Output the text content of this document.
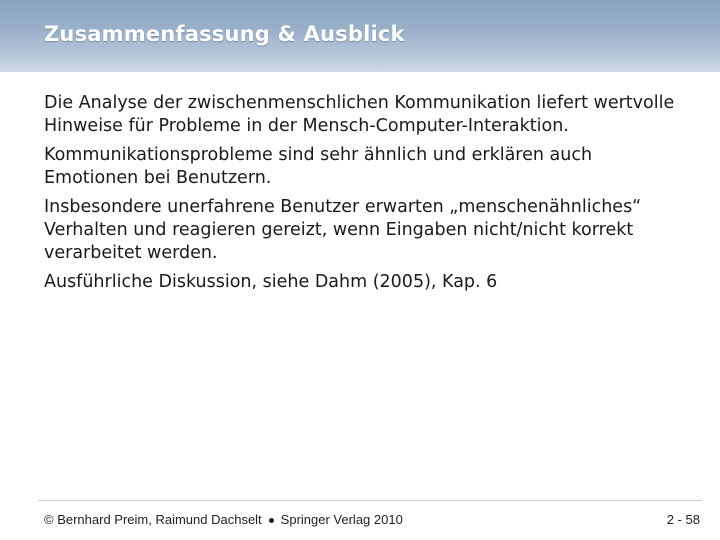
Zusammenfassung & Ausblick

Die Analyse der zwischenmenschlichen Kommunikation liefert wertvolle Hinweise für Probleme in der Mensch-Computer-Interaktion.

Kommunikationsprobleme sind sehr ähnlich und erklären auch Emotionen bei Benutzern.

Insbesondere unerfahrene Benutzer erwarten „menschenähnliches“ Verhalten und reagieren gereizt, wenn Eingaben nicht/nicht korrekt verarbeitet werden.

Ausführliche Diskussion, siehe Dahm (2005), Kap. 6

© Bernhard Preim, Raimund Dachselt Springer Verlag 2010	2 - 58
